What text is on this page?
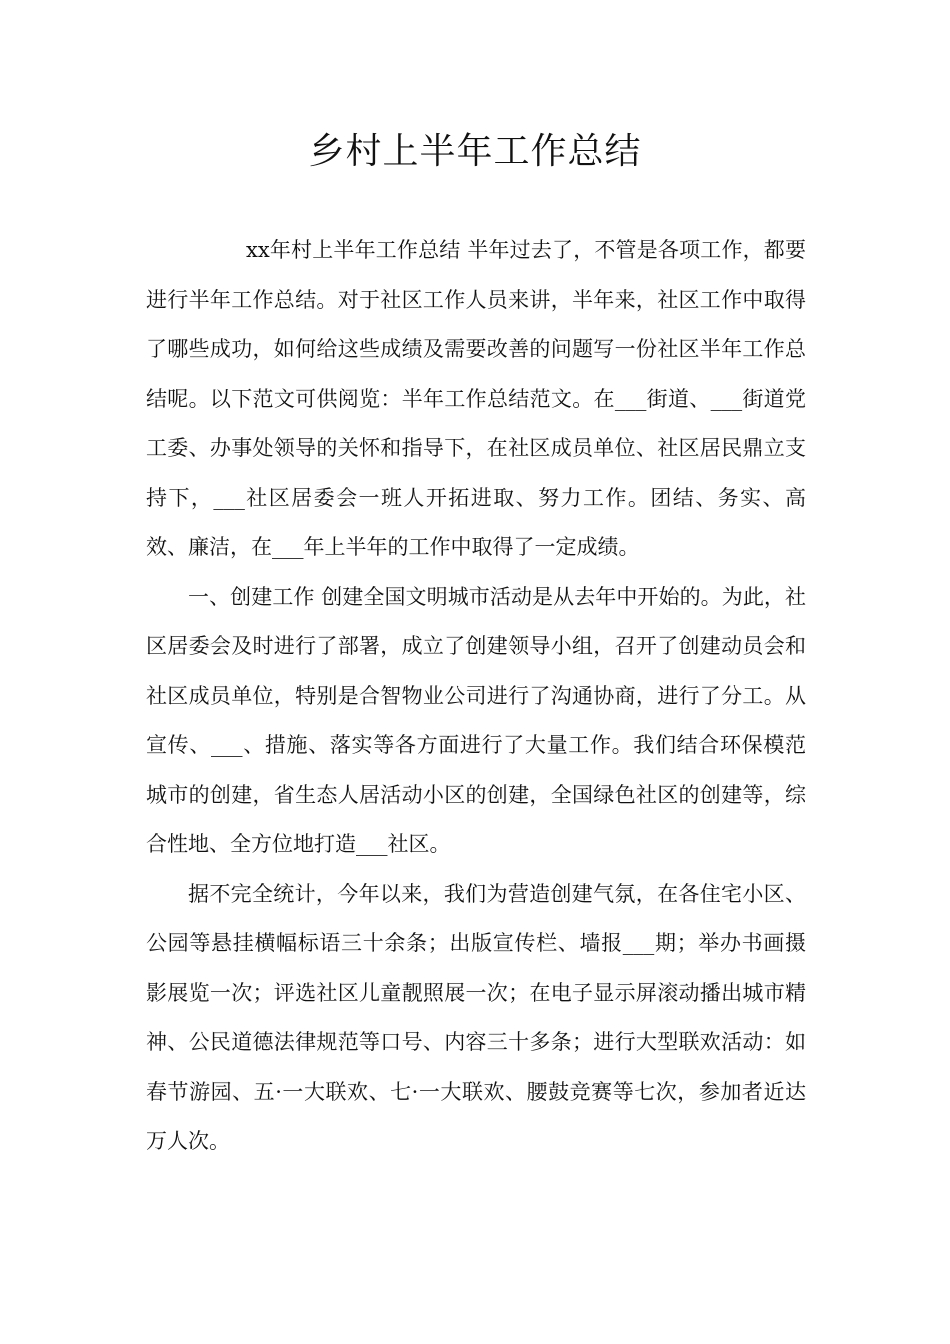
乡村上半年工作总结

xx年村上半年工作总结 半年过去了，不管是各项工作，都要进行半年工作总结。对于社区工作人员来讲，半年来，社区工作中取得了哪些成功，如何给这些成绩及需要改善的问题写一份社区半年工作总结呢。以下范文可供阅览：半年工作总结范文。在___街道、___街道党工委、办事处领导的关怀和指导下，在社区成员单位、社区居民鼎立支持下，___社区居委会一班人开拓进取、努力工作。团结、务实、高效、廉洁，在___年上半年的工作中取得了一定成绩。

一、创建工作 创建全国文明城市活动是从去年中开始的。为此，社区居委会及时进行了部署，成立了创建领导小组，召开了创建动员会和社区成员单位，特别是合智物业公司进行了沟通协商，进行了分工。从宣传、___、措施、落实等各方面进行了大量工作。我们结合环保模范城市的创建，省生态人居活动小区的创建，全国绿色社区的创建等，综合性地、全方位地打造___社区。

据不完全统计，今年以来，我们为营造创建气氛，在各住宅小区、公园等悬挂横幅标语三十余条；出版宣传栏、墙报___期；举办书画摄影展览一次；评选社区儿童靓照展一次；在电子显示屏滚动播出城市精神、公民道德法律规范等口号、内容三十多条；进行大型联欢活动：如春节游园、五·一大联欢、七·一大联欢、腰鼓竞赛等七次，参加者近达万人次。
